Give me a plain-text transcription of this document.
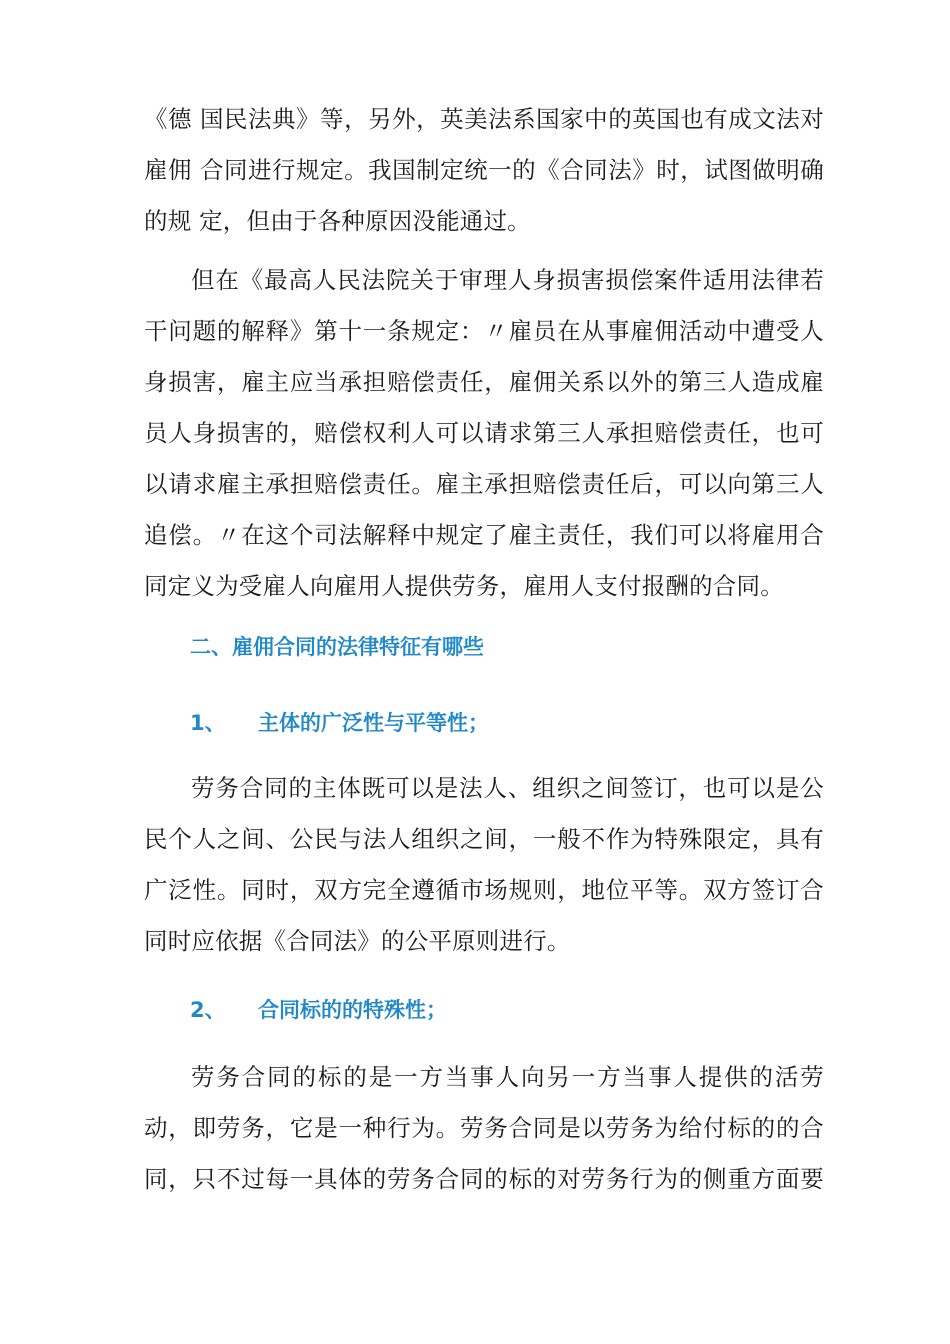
《德 国民法典》等，另外，英美法系国家中的英国也有成文法对
雇佣 合同进行规定。我国制定统一的《合同法》时，试图做明确
的规 定，但由于各种原因没能通过。
但在《最高人民法院关于审理人身损害损偿案件适用法律若
干问题的解释》第十一条规定：〃雇员在从事雇佣活动中遭受人
身损害，雇主应当承担赔偿责任，雇佣关系以外的第三人造成雇
员人身损害的，赔偿权利人可以请求第三人承担赔偿责任，也可
以请求雇主承担赔偿责任。雇主承担赔偿责任后，可以向第三人
追偿。〃在这个司法解释中规定了雇主责任，我们可以将雇用合
同定义为受雇人向雇用人提供劳务，雇用人支付报酬的合同。
二、雇佣合同的法律特征有哪些
1、 主体的广泛性与平等性；
劳务合同的主体既可以是法人、组织之间签订，也可以是公
民个人之间、公民与法人组织之间，一般不作为特殊限定，具有
广泛性。同时，双方完全遵循市场规则，地位平等。双方签订合
同时应依据《合同法》的公平原则进行。
2、 合同标的的特殊性；
劳务合同的标的是一方当事人向另一方当事人提供的活劳
动，即劳务，它是一种行为。劳务合同是以劳务为给付标的的合
同，只不过每一具体的劳务合同的标的对劳务行为的侧重方面要
